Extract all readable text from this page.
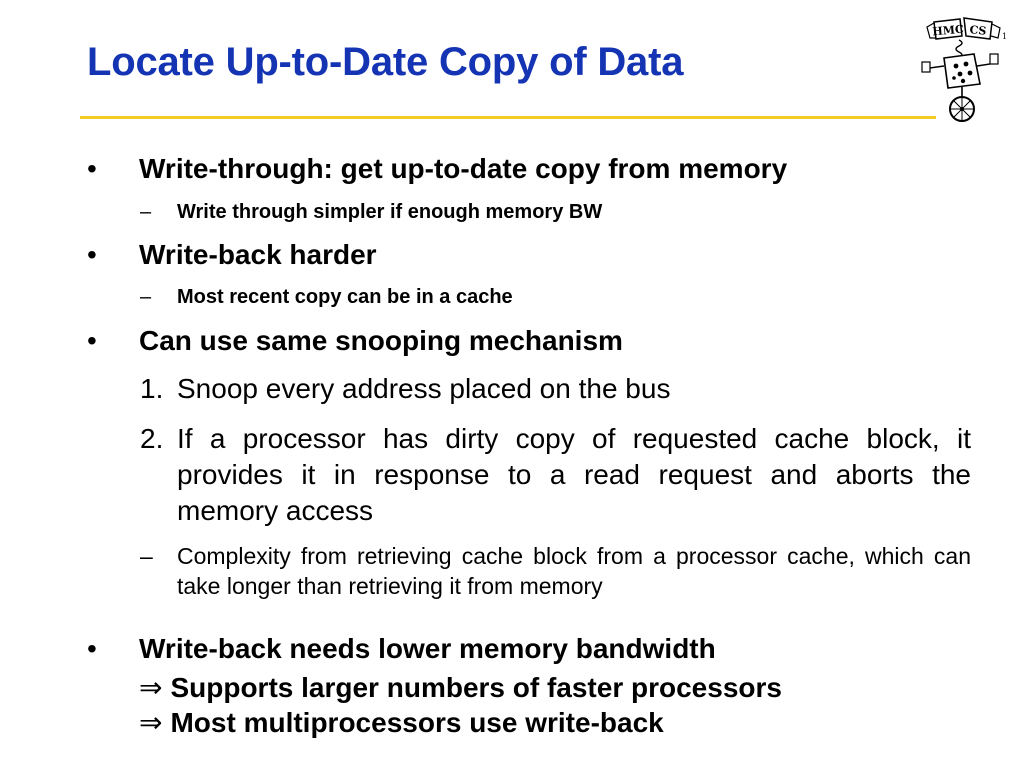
Locate Up-to-Date Copy of Data
HMC CS 1
• Write-through: get up-to-date copy from memory
– Write through simpler if enough memory BW
• Write-back harder
– Most recent copy can be in a cache
• Can use same snooping mechanism
1. Snoop every address placed on the bus
2. If a processor has dirty copy of requested cache block, it provides it in response to a read request and aborts the memory access
– Complexity from retrieving cache block from a processor cache, which can take longer than retrieving it from memory
• Write-back needs lower memory bandwidth
⇒ Supports larger numbers of faster processors
⇒ Most multiprocessors use write-back
